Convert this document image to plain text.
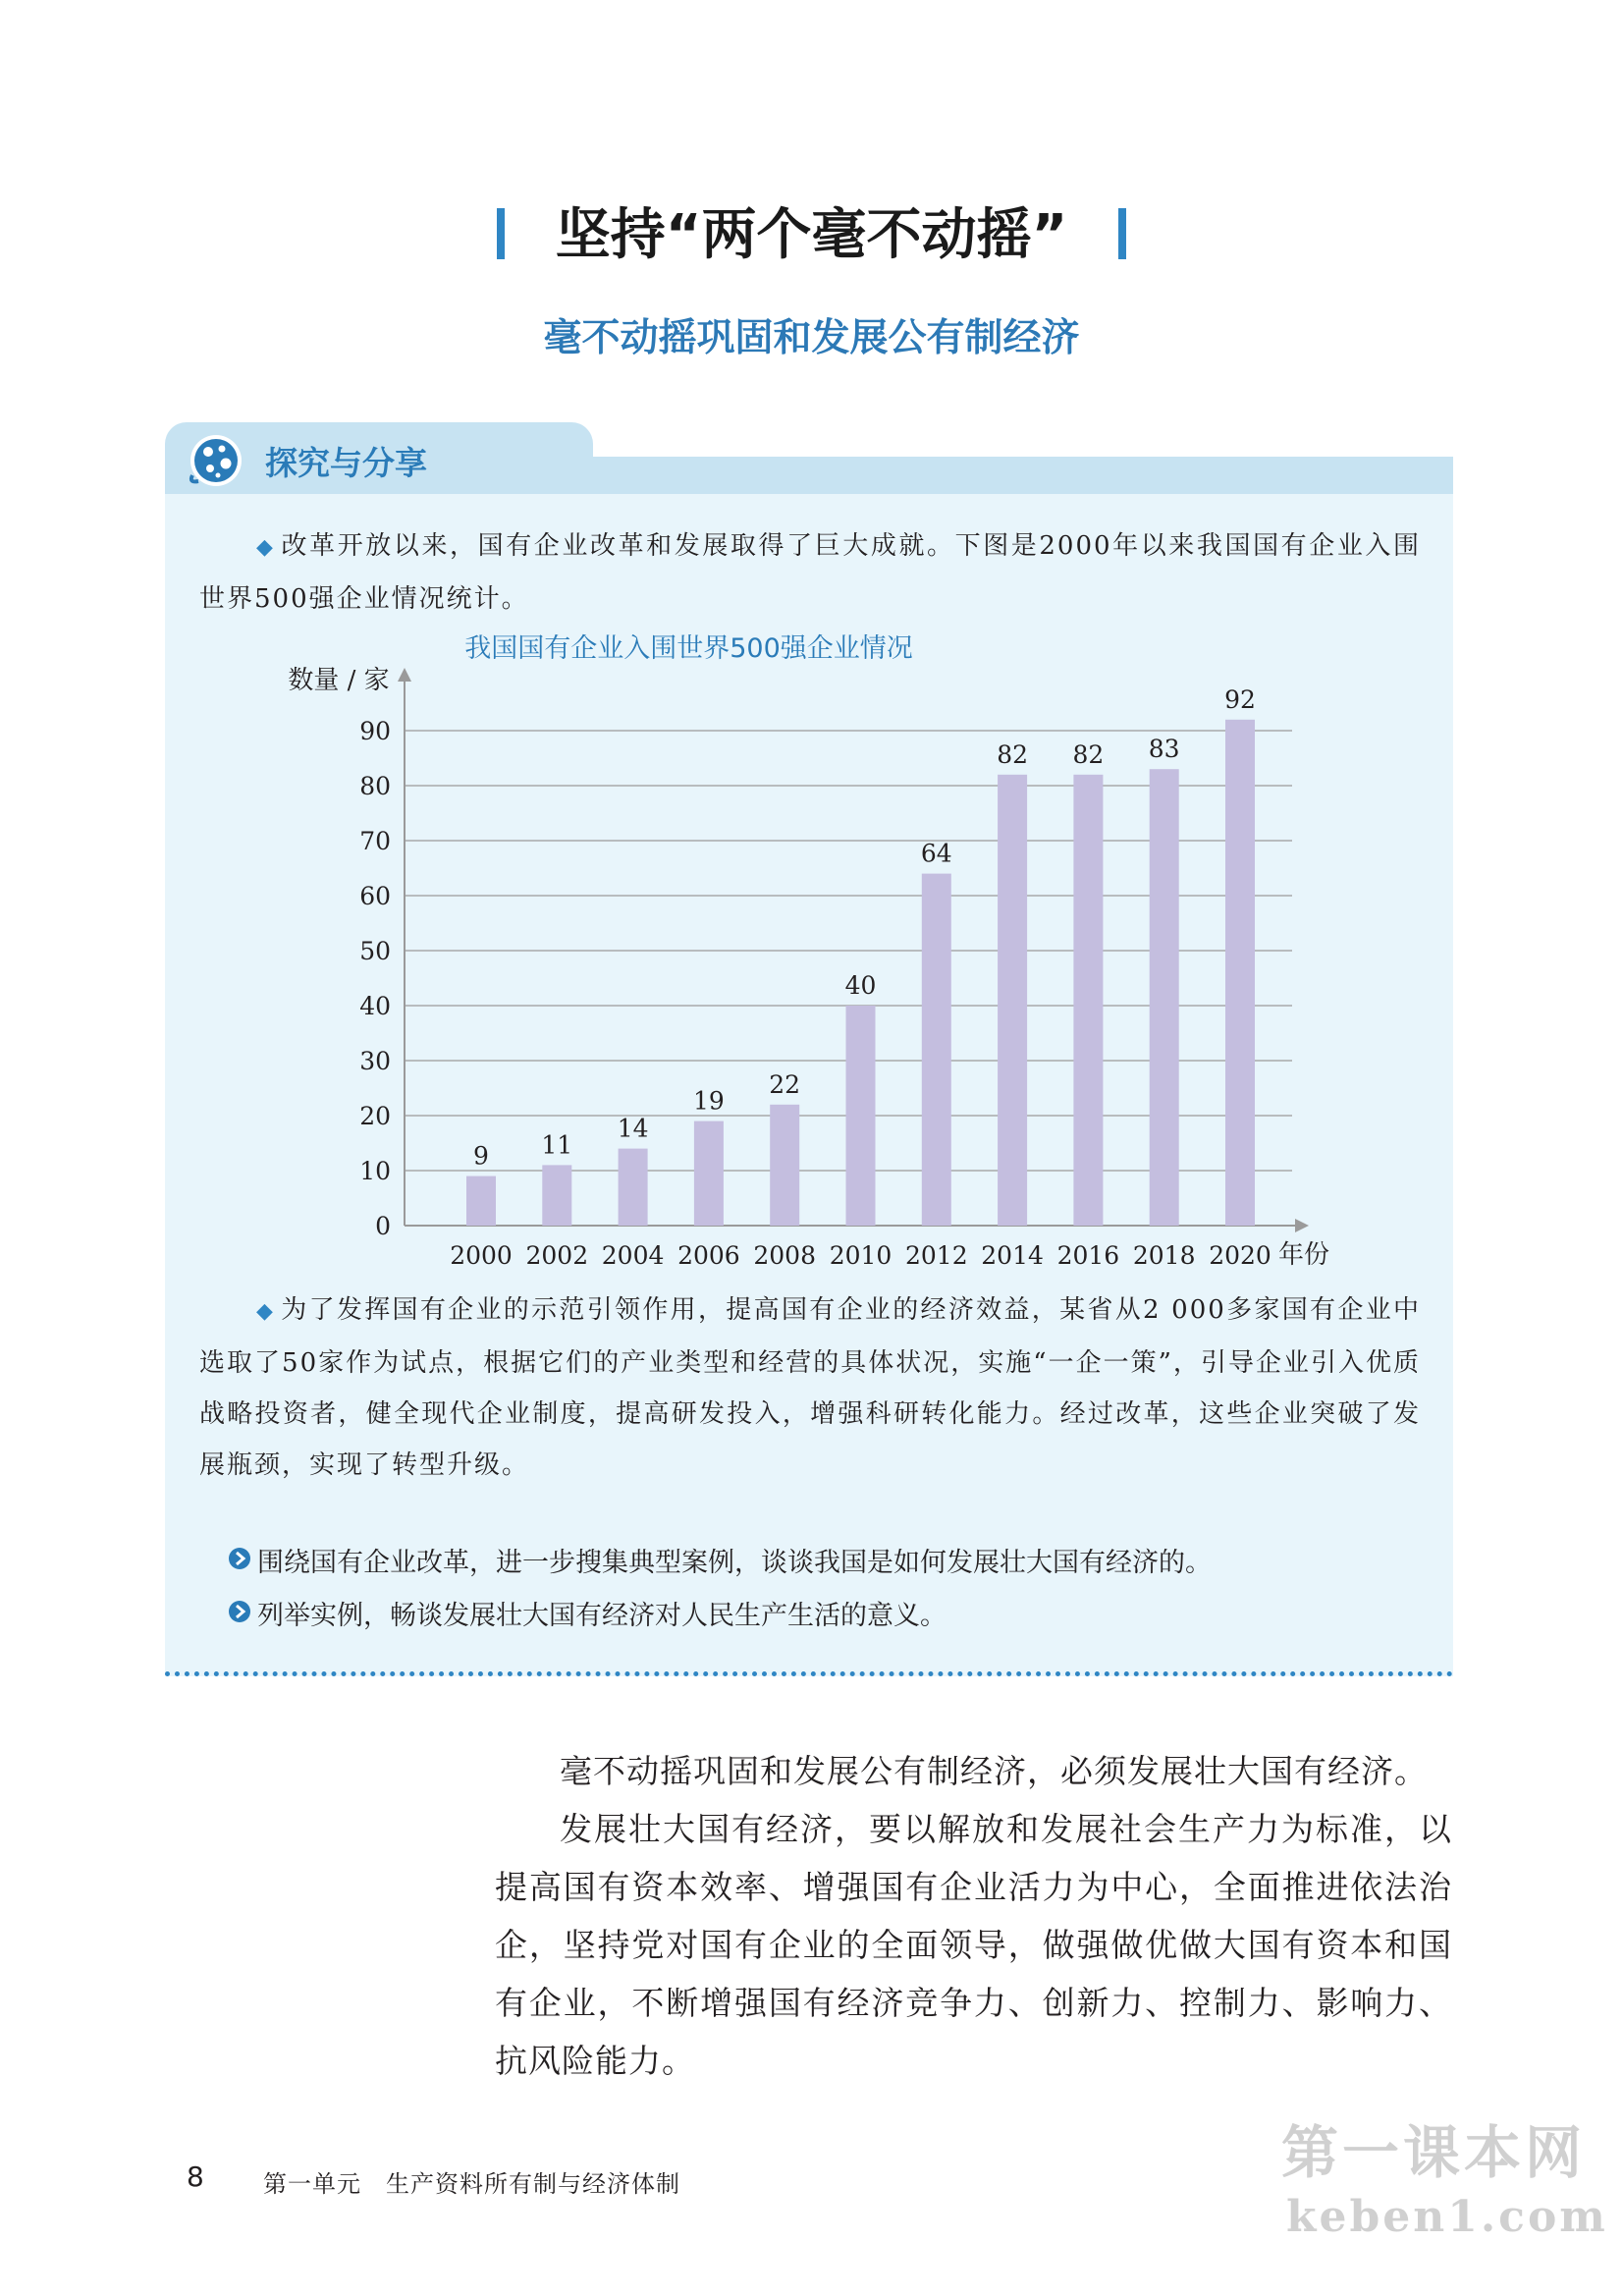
坚持“两个毫不动摇”
毫不动摇巩固和发展公有制经济
探究与分享
◆ 改革开放以来，国有企业改革和发展取得了巨大成就。下图是2000年以来我国国有企业入围世界500强企业情况统计。
我国国有企业入围世界500强企业情况
0
10
20
30
40
50
60
70
80
90
数量 / 家
年份
9
2000
11
2002
14
2004
19
2006
22
2008
40
2010
64
2012
82
2014
82
2016
83
2018
92
2020
◆ 为了发挥国有企业的示范引领作用，提高国有企业的经济效益，某省从2 000多家国有企业中选取了50家作为试点，根据它们的产业类型和经营的具体状况，实施“一企一策”，引导企业引入优质战略投资者，健全现代企业制度，提高研发投入，增强科研转化能力。经过改革，这些企业突破了发展瓶颈，实现了转型升级。
围绕国有企业改革，进一步搜集典型案例，谈谈我国是如何发展壮大国有经济的。
列举实例，畅谈发展壮大国有经济对人民生产生活的意义。
毫不动摇巩固和发展公有制经济，必须发展壮大国有经济。
发展壮大国有经济，要以解放和发展社会生产力为标准，以提高国有资本效率、增强国有企业活力为中心，全面推进依法治企，坚持党对国有企业的全面领导，做强做优做大国有资本和国有企业，不断增强国有经济竞争力、创新力、控制力、影响力、抗风险能力。
8	第一单元　生产资料所有制与经济体制	第一课本网
keben1.com
